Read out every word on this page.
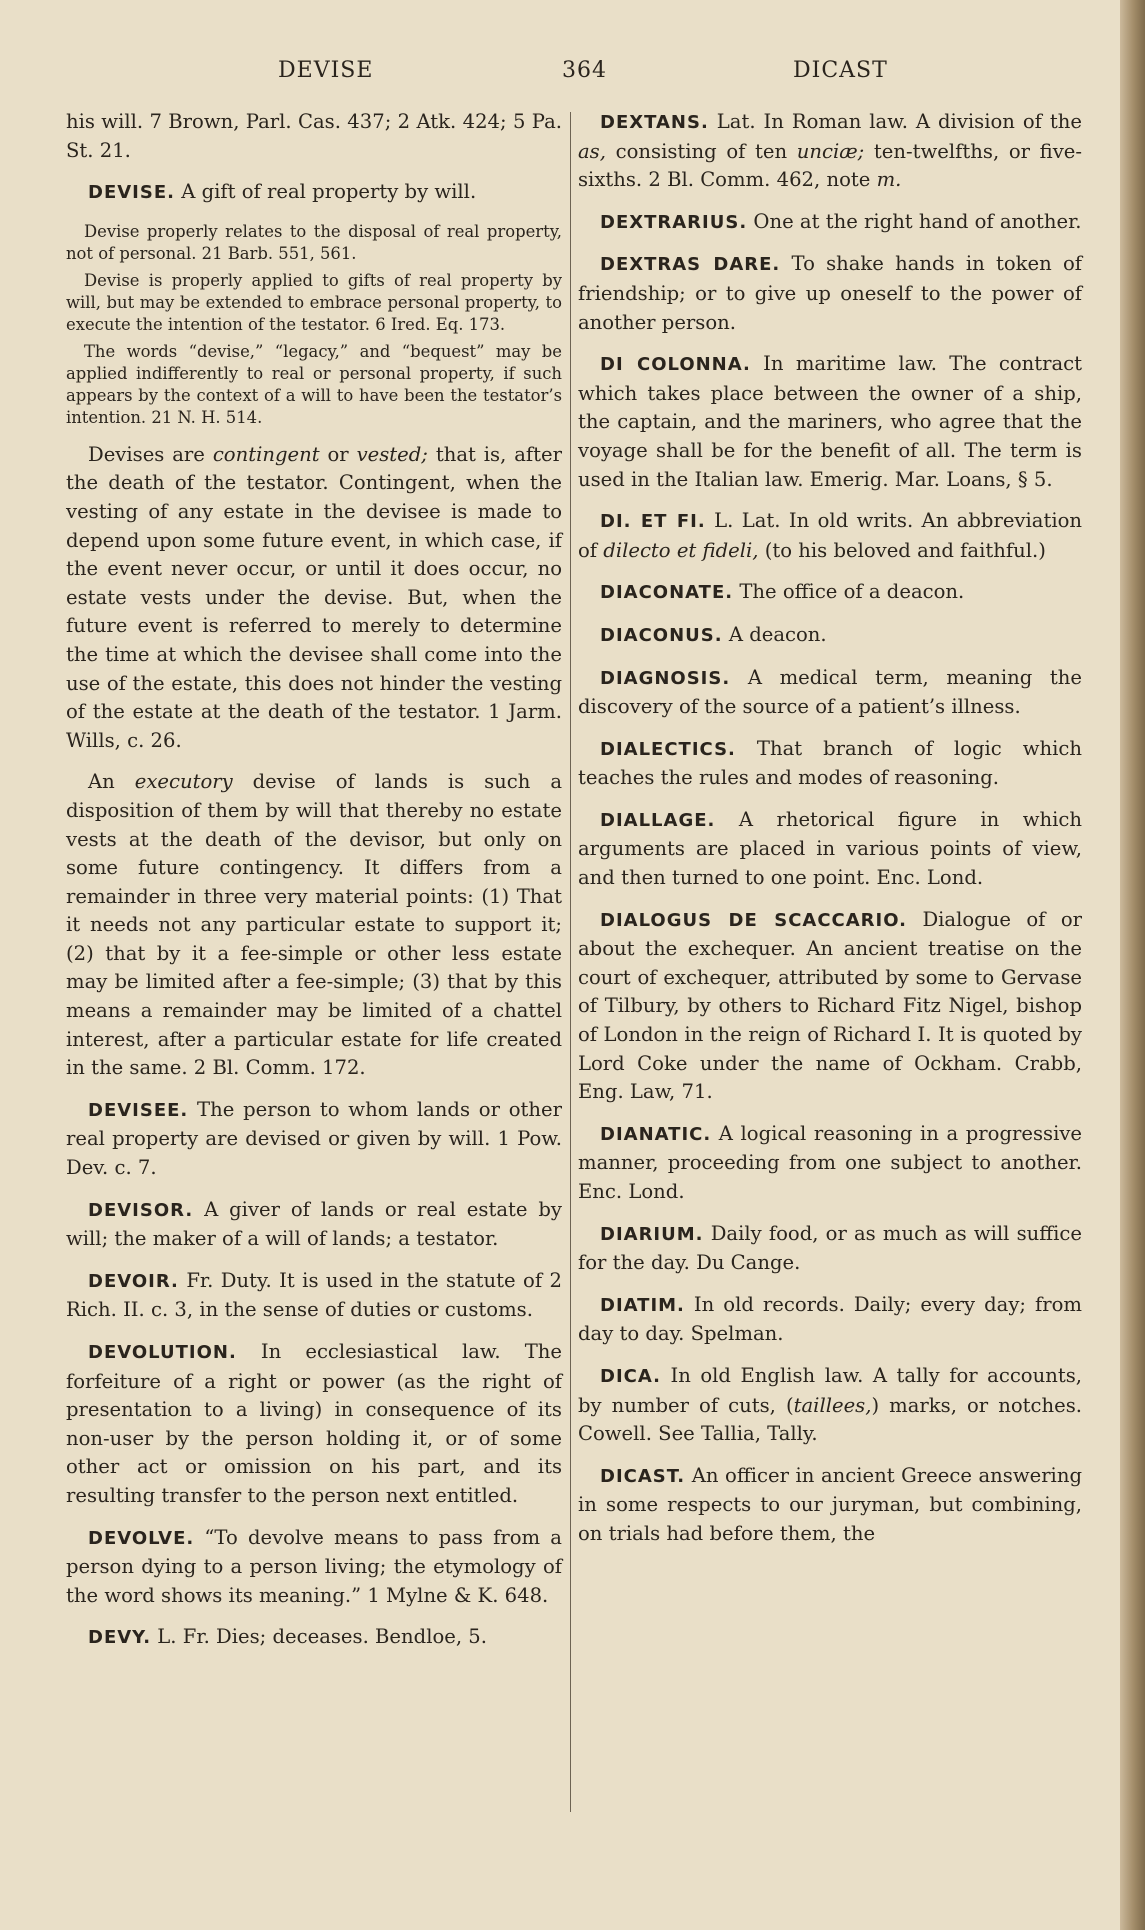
DEVISE	364	DICAST

his will. 7 Brown, Parl. Cas. 437; 2 Atk. 424; 5 Pa. St. 21.

DEVISE. A gift of real property by will.

Devise properly relates to the disposal of real property, not of personal. 21 Barb. 551, 561.

Devise is properly applied to gifts of real property by will, but may be extended to embrace personal property, to execute the intention of the testator. 6 Ired. Eq. 173.

The words “devise,” “legacy,” and “bequest” may be applied indifferently to real or personal property, if such appears by the context of a will to have been the testator’s intention. 21 N. H. 514.

Devises are contingent or vested; that is, after the death of the testator. Contingent, when the vesting of any estate in the devisee is made to depend upon some future event, in which case, if the event never occur, or until it does occur, no estate vests under the devise. But, when the future event is referred to merely to determine the time at which the devisee shall come into the use of the estate, this does not hinder the vesting of the estate at the death of the testator. 1 Jarm. Wills, c. 26.

An executory devise of lands is such a disposition of them by will that thereby no estate vests at the death of the devisor, but only on some future contingency. It differs from a remainder in three very material points: (1) That it needs not any particular estate to support it; (2) that by it a fee-simple or other less estate may be limited after a fee-simple; (3) that by this means a remainder may be limited of a chattel interest, after a particular estate for life created in the same. 2 Bl. Comm. 172.

DEVISEE. The person to whom lands or other real property are devised or given by will. 1 Pow. Dev. c. 7.

DEVISOR. A giver of lands or real estate by will; the maker of a will of lands; a testator.

DEVOIR. Fr. Duty. It is used in the statute of 2 Rich. II. c. 3, in the sense of duties or customs.

DEVOLUTION. In ecclesiastical law. The forfeiture of a right or power (as the right of presentation to a living) in consequence of its non-user by the person holding it, or of some other act or omission on his part, and its resulting transfer to the person next entitled.

DEVOLVE. “To devolve means to pass from a person dying to a person living; the etymology of the word shows its meaning.” 1 Mylne & K. 648.

DEVY. L. Fr. Dies; deceases. Bendloe, 5.

DEXTANS. Lat. In Roman law. A division of the as, consisting of ten unciæ; ten-twelfths, or five-sixths. 2 Bl. Comm. 462, note m.

DEXTRARIUS. One at the right hand of another.

DEXTRAS DARE. To shake hands in token of friendship; or to give up oneself to the power of another person.

DI COLONNA. In maritime law. The contract which takes place between the owner of a ship, the captain, and the mariners, who agree that the voyage shall be for the benefit of all. The term is used in the Italian law. Emerig. Mar. Loans, § 5.

DI. ET FI. L. Lat. In old writs. An abbreviation of dilecto et fideli, (to his beloved and faithful.)

DIACONATE. The office of a deacon.

DIACONUS. A deacon.

DIAGNOSIS. A medical term, meaning the discovery of the source of a patient’s illness.

DIALECTICS. That branch of logic which teaches the rules and modes of reasoning.

DIALLAGE. A rhetorical figure in which arguments are placed in various points of view, and then turned to one point. Enc. Lond.

DIALOGUS DE SCACCARIO. Dialogue of or about the exchequer. An ancient treatise on the court of exchequer, attributed by some to Gervase of Tilbury, by others to Richard Fitz Nigel, bishop of London in the reign of Richard I. It is quoted by Lord Coke under the name of Ockham. Crabb, Eng. Law, 71.

DIANATIC. A logical reasoning in a progressive manner, proceeding from one subject to another. Enc. Lond.

DIARIUM. Daily food, or as much as will suffice for the day. Du Cange.

DIATIM. In old records. Daily; every day; from day to day. Spelman.

DICA. In old English law. A tally for accounts, by number of cuts, (taillees,) marks, or notches. Cowell. See Tallia, Tally.

DICAST. An officer in ancient Greece answering in some respects to our juryman, but combining, on trials had before them, the
